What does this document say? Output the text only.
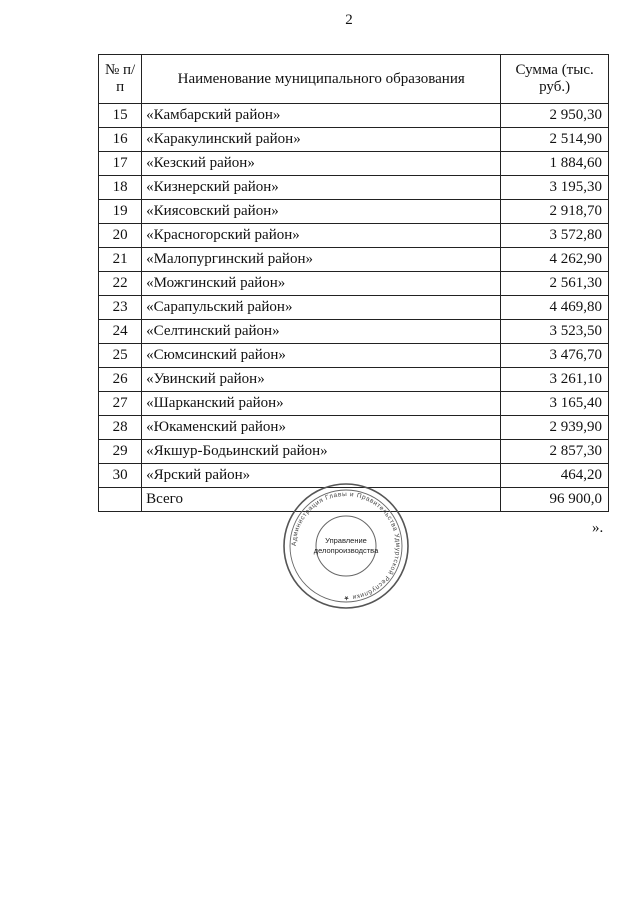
2
№ п/п	Наименование муниципального образования	Сумма (тыс. руб.)
15	«Камбарский район»	2 950,30
16	«Каракулинский район»	2 514,90
17	«Кезский район»	1 884,60
18	«Кизнерский район»	3 195,30
19	«Киясовский район»	2 918,70
20	«Красногорский район»	3 572,80
21	«Малопургинский район»	4 262,90
22	«Можгинский район»	2 561,30
23	«Сарапульский район»	4 469,80
24	«Селтинский район»	3 523,50
25	«Сюмсинский район»	3 476,70
26	«Увинский район»	3 261,10
27	«Шарканский район»	3 165,40
28	«Юкаменский район»	2 939,90
29	«Якшур-Бодьинский район»	2 857,30
30	«Ярский район»	464,20
	Всего	96 900,0
Администрация Главы и Правительства Удмуртской Республики ★
Управление
делопроизводства
».
